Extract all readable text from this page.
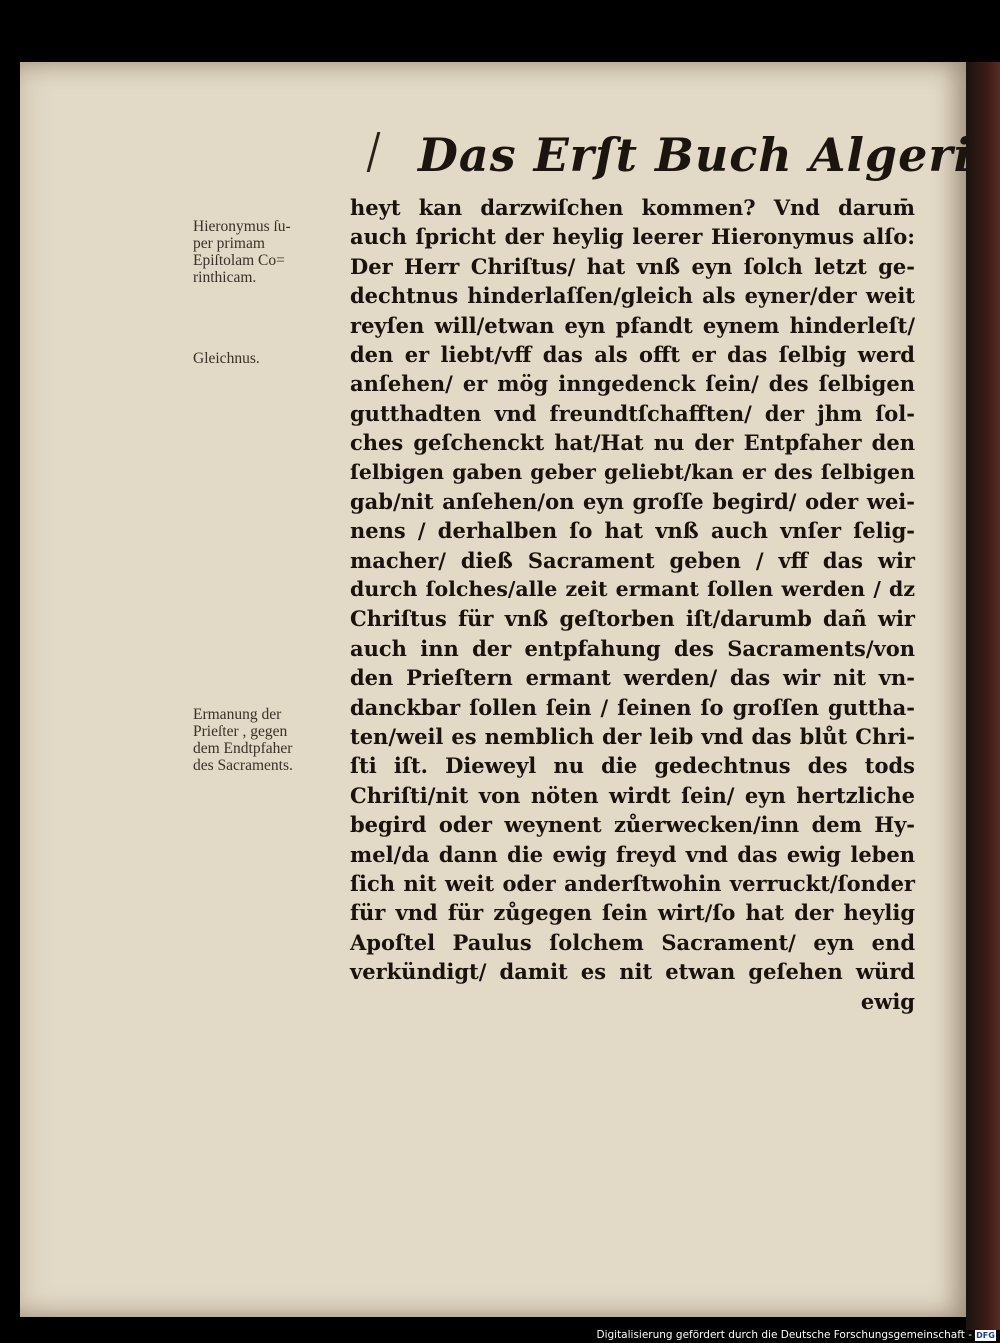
Das Erſt Buch Algeri
Hieronymus ſu-
per primam
Epiſtolam Co=
rinthicam.
Gleichnus.
Ermanung der
Prieſter , gegen
dem Endtpfaher
des Sacraments.
heyt kan darzwiſchen kommen? Vnd darum̄
auch ſpricht der heylig leerer Hieronymus alſo:
Der Herr Chriſtus/ hat vnß eyn ſolch letzt ge-
dechtnus hinderlaſſen/gleich als eyner/der weit
reyſen will/etwan eyn pfandt eynem hinderleſt/
den er liebt/vff das als offt er das ſelbig werd
anſehen/ er mög inngedenck ſein/ des ſelbigen
gutthadten vnd freundtſchafften/ der jhm ſol-
ches geſchenckt hat/Hat nu der Entpfaher den
ſelbigen gaben geber geliebt/kan er des ſelbigen
gab/nit anſehen/on eyn groſſe begird/ oder wei-
nens / derhalben ſo hat vnß auch vnſer ſelig-
macher/ dieß Sacrament geben / vff das wir
durch ſolches/alle zeit ermant ſollen werden / dz
Chriſtus für vnß geſtorben iſt/darumb dañ wir
auch inn der entpfahung des Sacraments/von
den Prieſtern ermant werden/ das wir nit vn-
danckbar ſollen ſein / ſeinen ſo groſſen guttha-
ten/weil es nemblich der leib vnd das blůt Chri-
ſti iſt. Dieweyl nu die gedechtnus des tods
Chriſti/nit von nöten wirdt ſein/ eyn hertzliche
begird oder weynent zůerwecken/inn dem Hy-
mel/da dann die ewig freyd vnd das ewig leben
ſich nit weit oder anderſtwohin verruckt/ſonder
für vnd für zůgegen ſein wirt/ſo hat der heylig
Apoſtel Paulus ſolchem Sacrament/ eyn end
verkündigt/ damit es nit etwan geſehen würd
ewig
Digitalisierung gefördert durch die Deutsche Forschungsgemeinschaft - DFG
